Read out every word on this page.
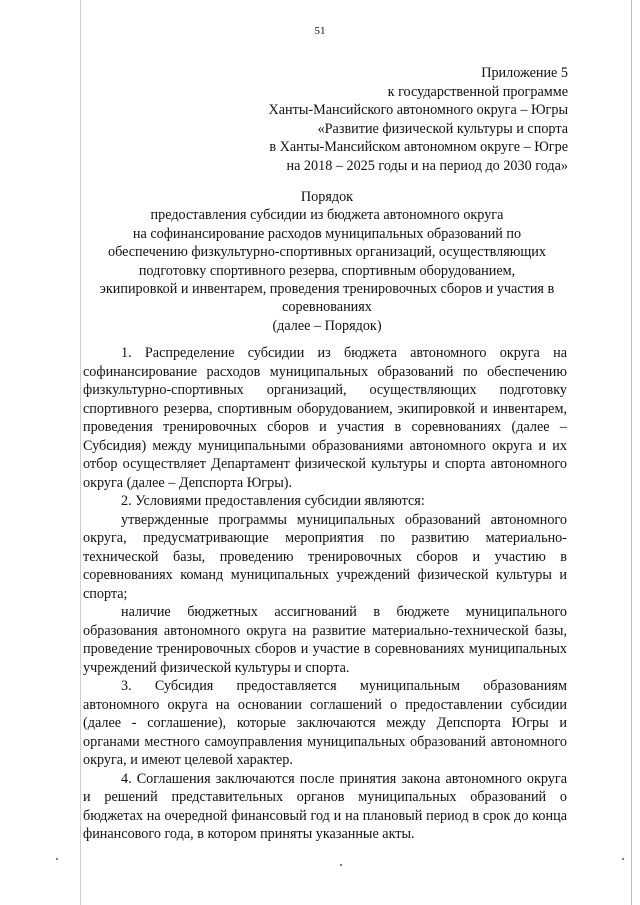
51
Приложение 5
к государственной программе
Ханты-Мансийского автономного округа – Югры
«Развитие физической культуры и спорта
в Ханты-Мансийском автономном округе – Югре
на 2018 – 2025 годы и на период до 2030 года»
Порядок
предоставления субсидии из бюджета автономного округа
на софинансирование расходов муниципальных образований по
обеспечению физкультурно-спортивных организаций, осуществляющих
подготовку спортивного резерва, спортивным оборудованием,
экипировкой и инвентарем, проведения тренировочных сборов и участия в
соревнованиях
(далее – Порядок)

1. Распределение субсидии из бюджета автономного округа на софинансирование расходов муниципальных образований по обеспечению физкультурно-спортивных организаций, осуществляющих подготовку спортивного резерва, спортивным оборудованием, экипировкой и инвентарем, проведения тренировочных сборов и участия в соревнованиях (далее – Субсидия) между муниципальными образованиями автономного округа и их отбор осуществляет Департамент физической культуры и спорта автономного округа (далее – Депспорта Югры).

2. Условиями предоставления субсидии являются:

утвержденные программы муниципальных образований автономного округа, предусматривающие мероприятия по развитию материально-технической базы, проведению тренировочных сборов и участию в соревнованиях команд муниципальных учреждений физической культуры и спорта;

наличие бюджетных ассигнований в бюджете муниципального образования автономного округа на развитие материально-технической базы, проведение тренировочных сборов и участие в соревнованиях муниципальных учреждений физической культуры и спорта.

3. Субсидия предоставляется муниципальным образованиям автономного округа на основании соглашений о предоставлении субсидии (далее - соглашение), которые заключаются между Депспорта Югры и органами местного самоуправления муниципальных образований автономного округа, и имеют целевой характер.

4. Соглашения заключаются после принятия закона автономного округа и решений представительных органов муниципальных образований о бюджетах на очередной финансовый год и на плановый период в срок до конца финансового года, в котором приняты указанные акты.
